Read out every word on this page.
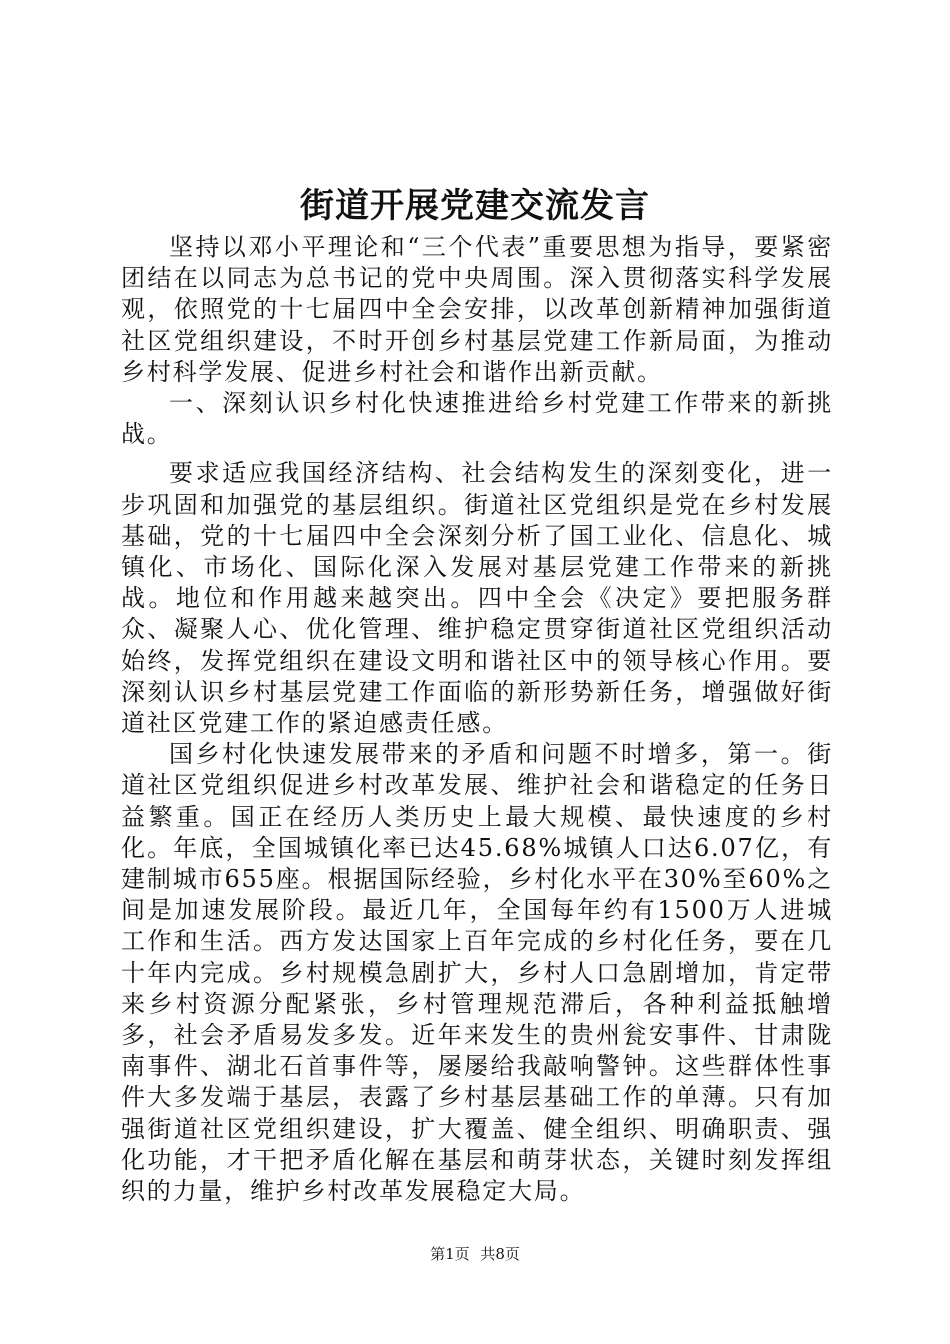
街道开展党建交流发言

坚持以邓小平理论和“三个代表”重要思想为指导，要紧密团结在以同志为总书记的党中央周围。深入贯彻落实科学发展观，依照党的十七届四中全会安排，以改革创新精神加强街道社区党组织建设，不时开创乡村基层党建工作新局面，为推动乡村科学发展、促进乡村社会和谐作出新贡献。

一、深刻认识乡村化快速推进给乡村党建工作带来的新挑战。

要求适应我国经济结构、社会结构发生的深刻变化，进一步巩固和加强党的基层组织。街道社区党组织是党在乡村发展基础，党的十七届四中全会深刻分析了国工业化、信息化、城镇化、市场化、国际化深入发展对基层党建工作带来的新挑战。地位和作用越来越突出。四中全会《决定》要把服务群众、凝聚人心、优化管理、维护稳定贯穿街道社区党组织活动始终，发挥党组织在建设文明和谐社区中的领导核心作用。要深刻认识乡村基层党建工作面临的新形势新任务，增强做好街道社区党建工作的紧迫感责任感。

国乡村化快速发展带来的矛盾和问题不时增多，第一。街道社区党组织促进乡村改革发展、维护社会和谐稳定的任务日益繁重。国正在经历人类历史上最大规模、最快速度的乡村化。年底，全国城镇化率已达45.68%城镇人口达6.07亿，有建制城市655座。根据国际经验，乡村化水平在30%至60%之间是加速发展阶段。最近几年，全国每年约有1500万人进城工作和生活。西方发达国家上百年完成的乡村化任务，要在几十年内完成。乡村规模急剧扩大，乡村人口急剧增加，肯定带来乡村资源分配紧张，乡村管理规范滞后，各种利益抵触增多，社会矛盾易发多发。近年来发生的贵州瓮安事件、甘肃陇南事件、湖北石首事件等，屡屡给我敲响警钟。这些群体性事件大多发端于基层，表露了乡村基层基础工作的单薄。只有加强街道社区党组织建设，扩大覆盖、健全组织、明确职责、强化功能，才干把矛盾化解在基层和萌芽状态，关键时刻发挥组织的力量，维护乡村改革发展稳定大局。

第1页 共8页
